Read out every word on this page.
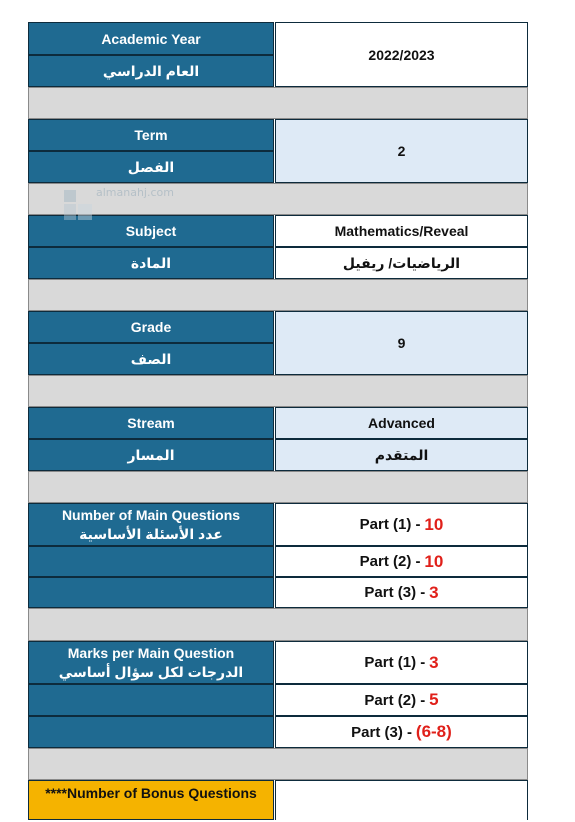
Academic Year
العام الدراسي
2022/2023
Term
الفصل
2
Subject
المادة
Mathematics/Reveal
الرياضيات/ ريفيل
Grade
الصف
9
Stream
المسار
Advanced
المتقدم
Number of Main Questions
عدد الأسئلة الأساسية
Part (1) -
10
Part (2) -
10
Part (3) -
3
Marks per Main Question
الدرجات لكل سؤال أساسي
Part (1) -
3
Part (2) -
5
Part (3) -
(6-8)
****Number of Bonus Questions
almanahj.com
